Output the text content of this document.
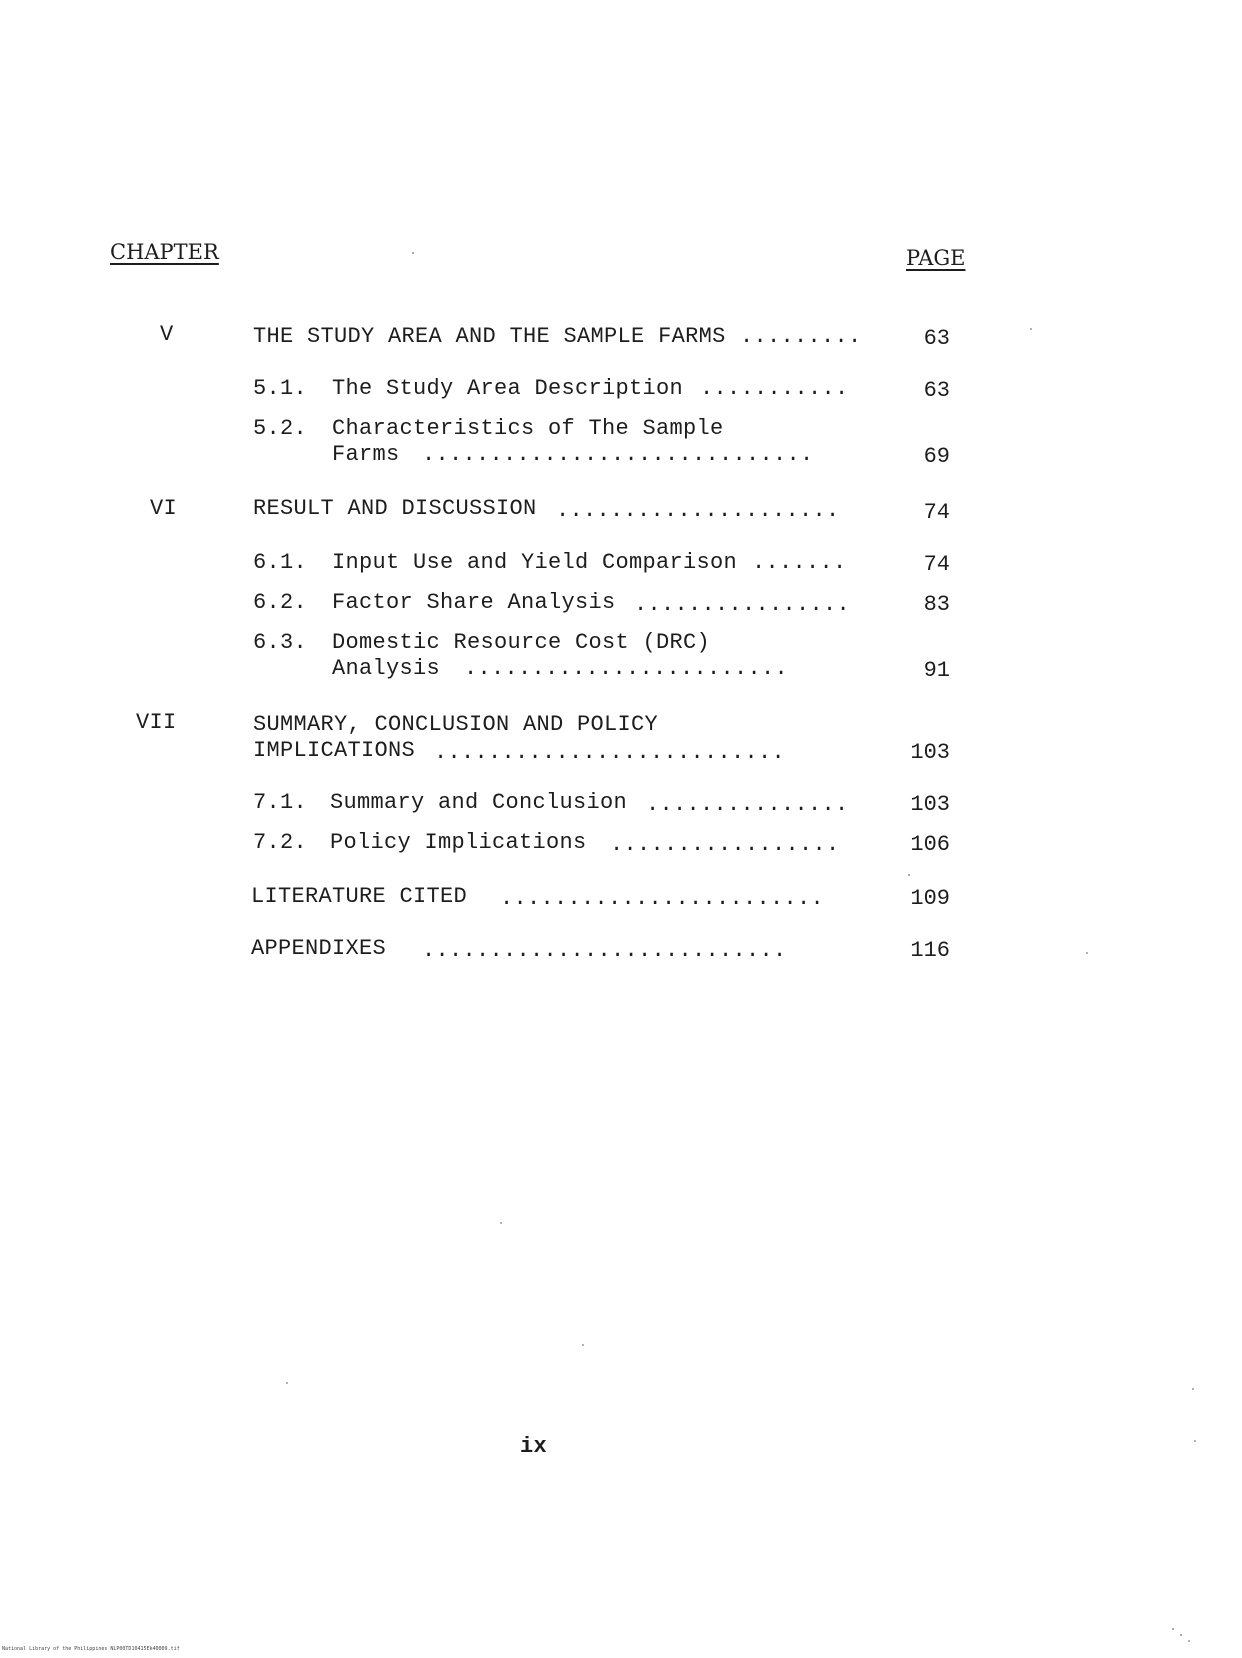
CHAPTER	PAGE
V	THE STUDY AREA AND THE SAMPLE FARMS .........	63
5.1. The Study Area Description ...........	63
5.2. Characteristics of The Sample
Farms .............................	69
VI	RESULT AND DISCUSSION .....................	74
6.1. Input Use and Yield Comparison .......	74
6.2. Factor Share Analysis ................	83
6.3. Domestic Resource Cost (DRC)
Analysis ........................	91
VII	SUMMARY, CONCLUSION AND POLICY
IMPLICATIONS ..........................	103
7.1. Summary and Conclusion ...............	103
7.2. Policy Implications .................	106
LITERATURE CITED ........................	109
APPENDIXES ...........................	116
ix
National Library of the Philippines NLP00TD10415Ek40009.tif
